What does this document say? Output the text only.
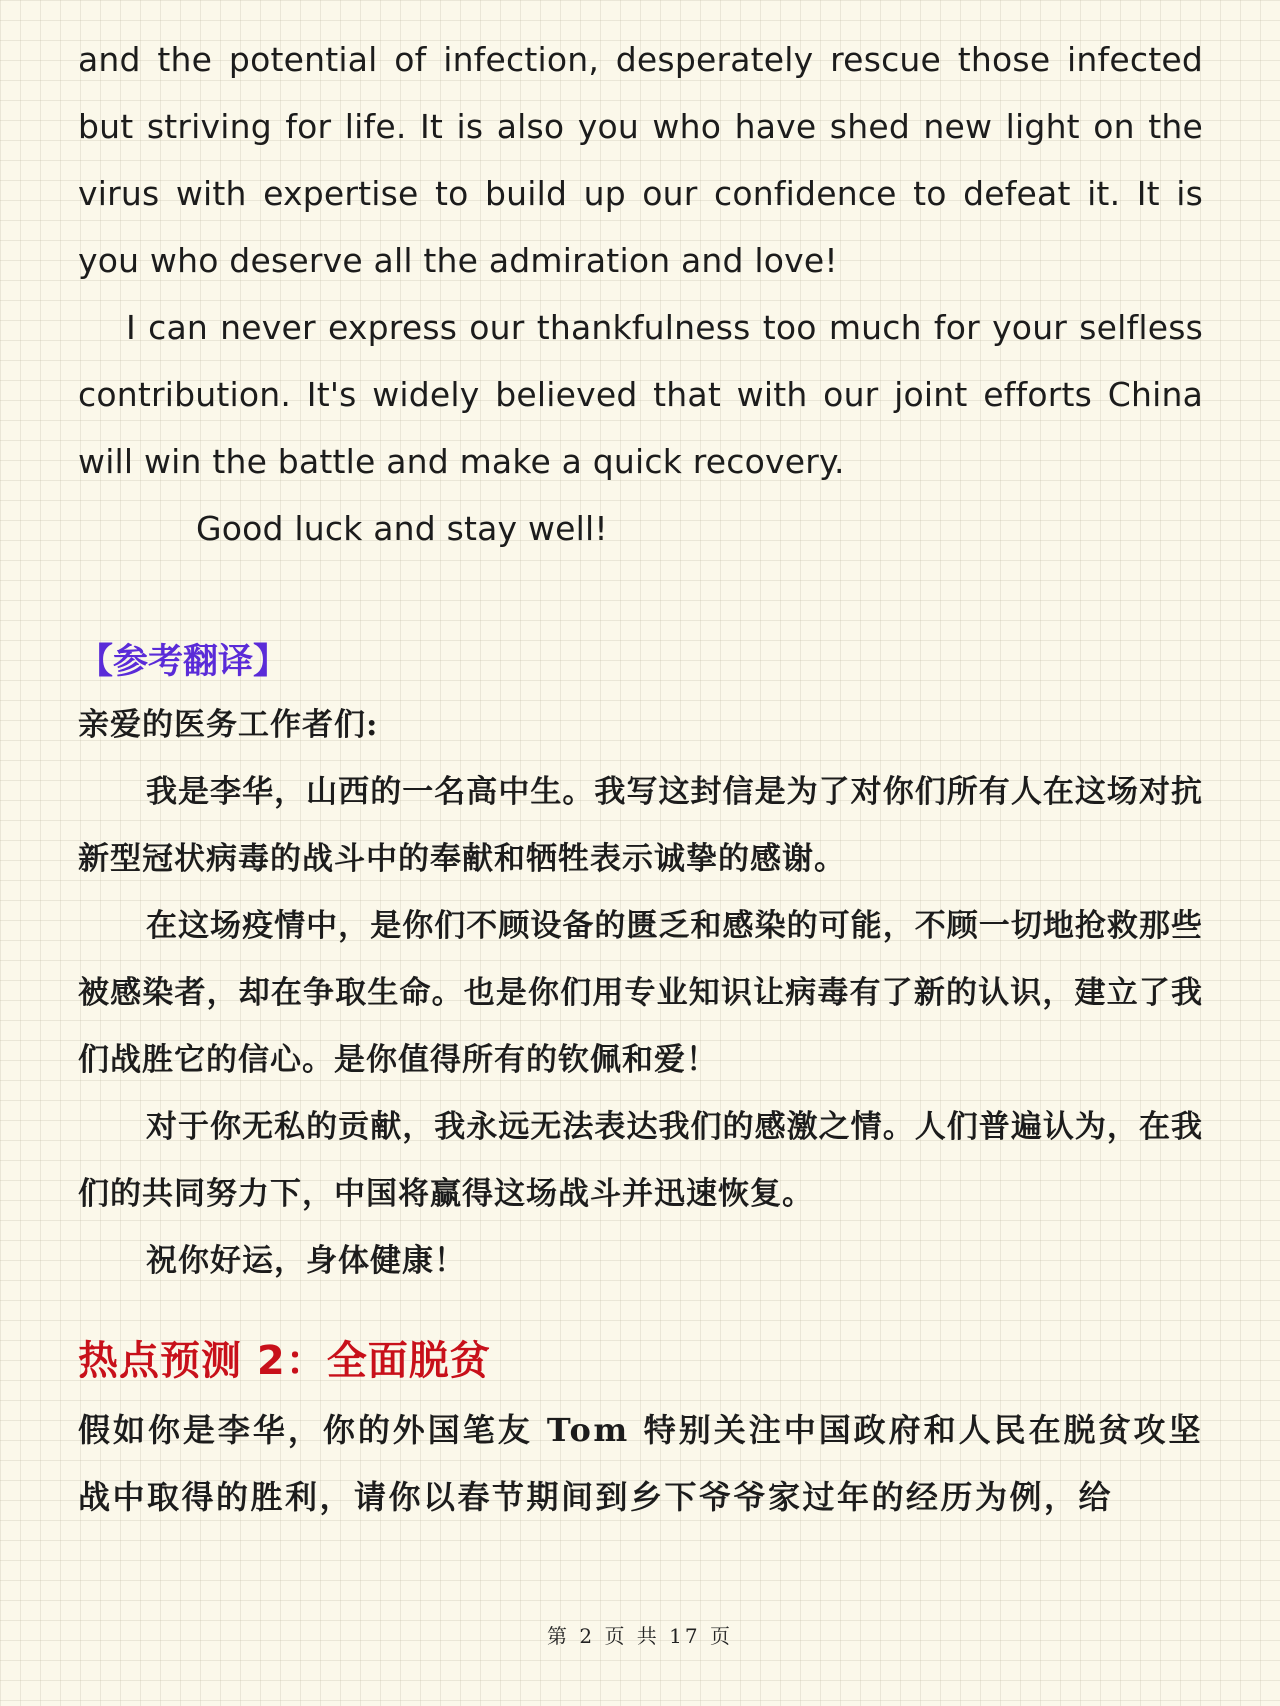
and the potential of infection, desperately rescue those infected but striving for life. It is also you who have shed new light on the virus with expertise to build up our confidence to defeat it. It is you who deserve all the admiration and love!

I can never express our thankfulness too much for your selfless contribution. It's widely believed that with our joint efforts China will win the battle and make a quick recovery.

Good luck and stay well!

【参考翻译】

亲爱的医务工作者们:

我是李华，山西的一名高中生。我写这封信是为了对你们所有人在这场对抗新型冠状病毒的战斗中的奉献和牺牲表示诚挚的感谢。

在这场疫情中，是你们不顾设备的匮乏和感染的可能，不顾一切地抢救那些被感染者，却在争取生命。也是你们用专业知识让病毒有了新的认识，建立了我们战胜它的信心。是你值得所有的钦佩和爱！

对于你无私的贡献，我永远无法表达我们的感激之情。人们普遍认为，在我们的共同努力下，中国将赢得这场战斗并迅速恢复。

祝你好运，身体健康！

热点预测 2：全面脱贫

假如你是李华，你的外国笔友 Tom 特别关注中国政府和人民在脱贫攻坚战中取得的胜利，请你以春节期间到乡下爷爷家过年的经历为例，给

第 2 页 共 17 页
